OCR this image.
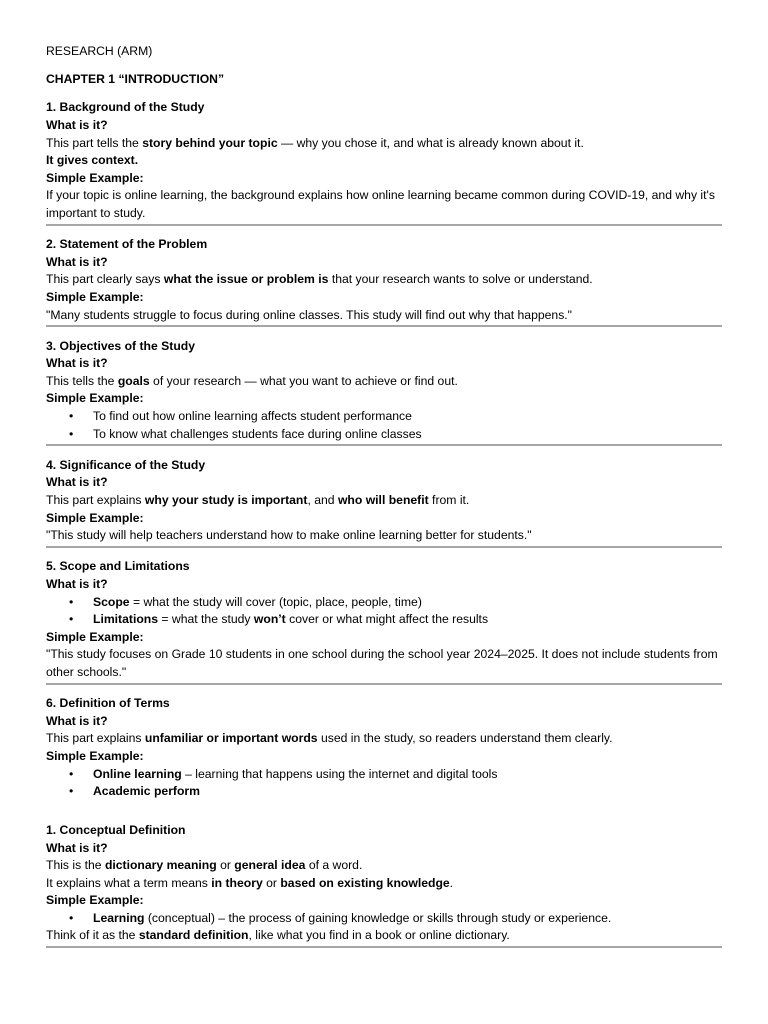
RESEARCH (ARM)

CHAPTER 1 “INTRODUCTION”

1. Background of the Study

What is it?

This part tells the story behind your topic — why you chose it, and what is already known about it.

It gives context.

Simple Example:

If your topic is online learning, the background explains how online learning became common during COVID-19, and why it's important to study.

2. Statement of the Problem

What is it?

This part clearly says what the issue or problem is that your research wants to solve or understand.

Simple Example:

"Many students struggle to focus during online classes. This study will find out why that happens."

3. Objectives of the Study

What is it?

This tells the goals of your research — what you want to achieve or find out.

Simple Example:

• To find out how online learning affects student performance
• To know what challenges students face during online classes

4. Significance of the Study

What is it?

This part explains why your study is important, and who will benefit from it.

Simple Example:

"This study will help teachers understand how to make online learning better for students."

5. Scope and Limitations

What is it?

• Scope = what the study will cover (topic, place, people, time)
• Limitations = what the study won’t cover or what might affect the results

Simple Example:

"This study focuses on Grade 10 students in one school during the school year 2024–2025. It does not include students from other schools."

6. Definition of Terms

What is it?

This part explains unfamiliar or important words used in the study, so readers understand them clearly.

Simple Example:

• Online learning – learning that happens using the internet and digital tools
• Academic perform

1. Conceptual Definition

What is it?

This is the dictionary meaning or general idea of a word.

It explains what a term means in theory or based on existing knowledge.

Simple Example:

• Learning (conceptual) – the process of gaining knowledge or skills through study or experience.

Think of it as the standard definition, like what you find in a book or online dictionary.
